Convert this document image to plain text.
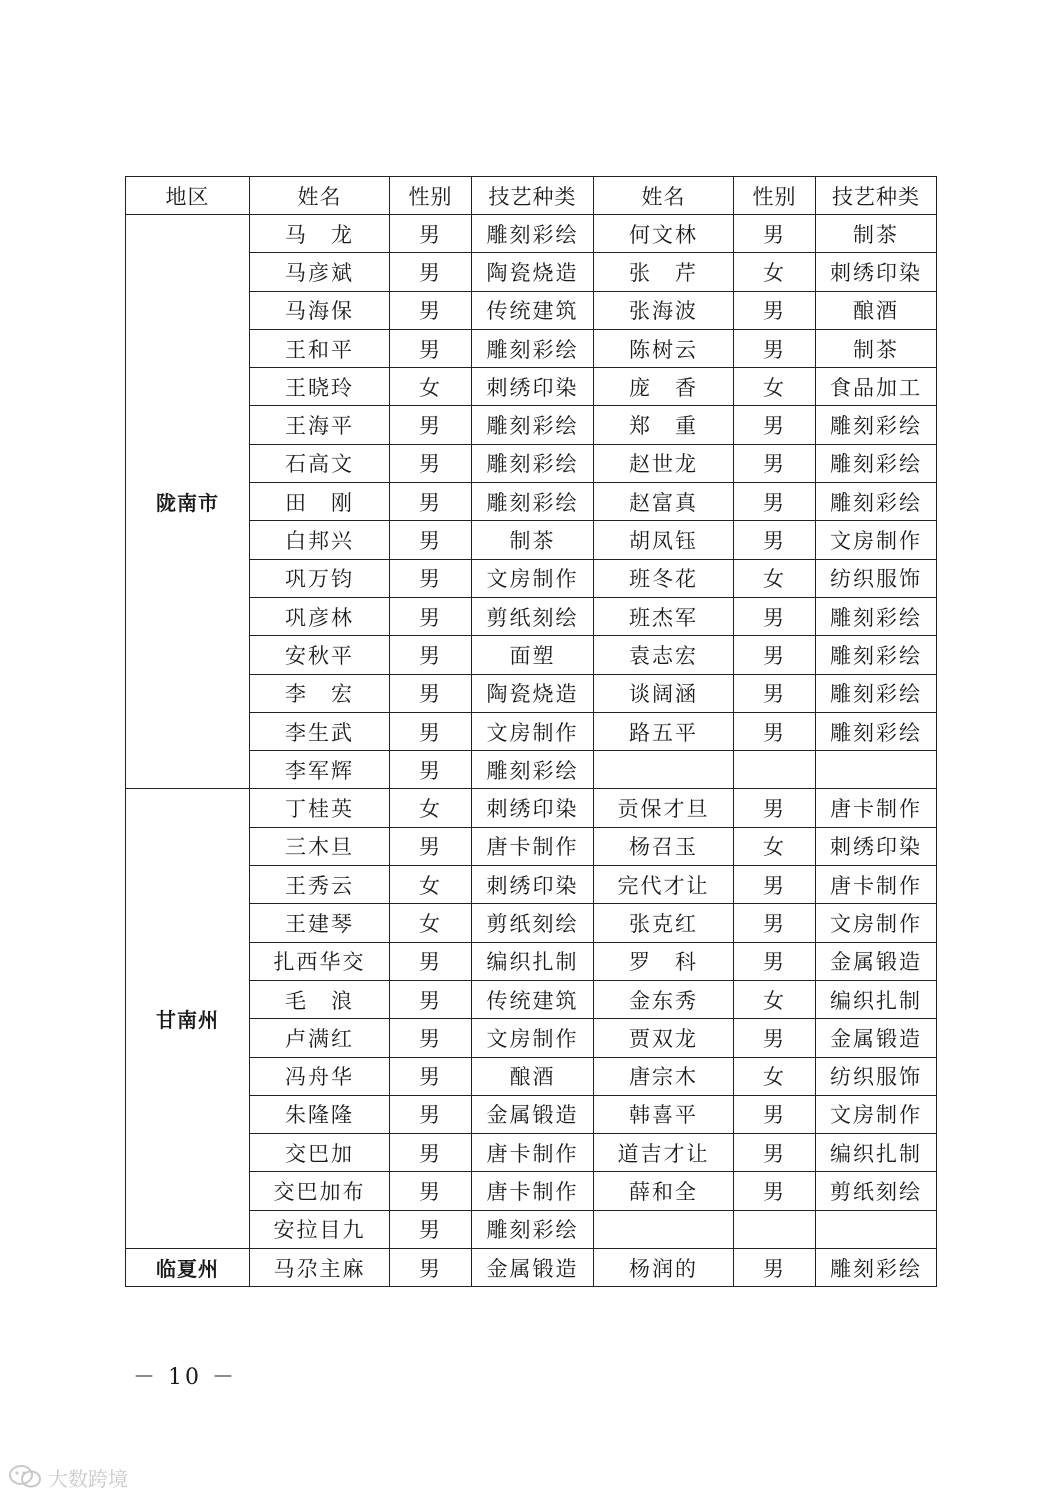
地区	姓名	性别	技艺种类	姓名	性别	技艺种类
陇南市	马　龙	男	雕刻彩绘	何文林	男	制茶
	马彦斌	男	陶瓷烧造	张　芹	女	刺绣印染
	马海保	男	传统建筑	张海波	男	酿酒
	王和平	男	雕刻彩绘	陈树云	男	制茶
	王晓玲	女	刺绣印染	庞　香	女	食品加工
	王海平	男	雕刻彩绘	郑　重	男	雕刻彩绘
	石高文	男	雕刻彩绘	赵世龙	男	雕刻彩绘
	田　刚	男	雕刻彩绘	赵富真	男	雕刻彩绘
	白邦兴	男	制茶	胡凤钰	男	文房制作
	巩万钧	男	文房制作	班冬花	女	纺织服饰
	巩彦林	男	剪纸刻绘	班杰军	男	雕刻彩绘
	安秋平	男	面塑	袁志宏	男	雕刻彩绘
	李　宏	男	陶瓷烧造	谈阔涵	男	雕刻彩绘
	李生武	男	文房制作	路五平	男	雕刻彩绘
	李军辉	男	雕刻彩绘			
甘南州	丁桂英	女	刺绣印染	贡保才旦	男	唐卡制作
	三木旦	男	唐卡制作	杨召玉	女	刺绣印染
	王秀云	女	刺绣印染	完代才让	男	唐卡制作
	王建琴	女	剪纸刻绘	张克红	男	文房制作
	扎西华交	男	编织扎制	罗　科	男	金属锻造
	毛　浪	男	传统建筑	金东秀	女	编织扎制
	卢满红	男	文房制作	贾双龙	男	金属锻造
	冯舟华	男	酿酒	唐宗木	女	纺织服饰
	朱隆隆	男	金属锻造	韩喜平	男	文房制作
	交巴加	男	唐卡制作	道吉才让	男	编织扎制
	交巴加布	男	唐卡制作	薛和全	男	剪纸刻绘
	安拉目九	男	雕刻彩绘			
临夏州	马尕主麻	男	金属锻造	杨润的	男	雕刻彩绘
－ 10 －
大数跨境
